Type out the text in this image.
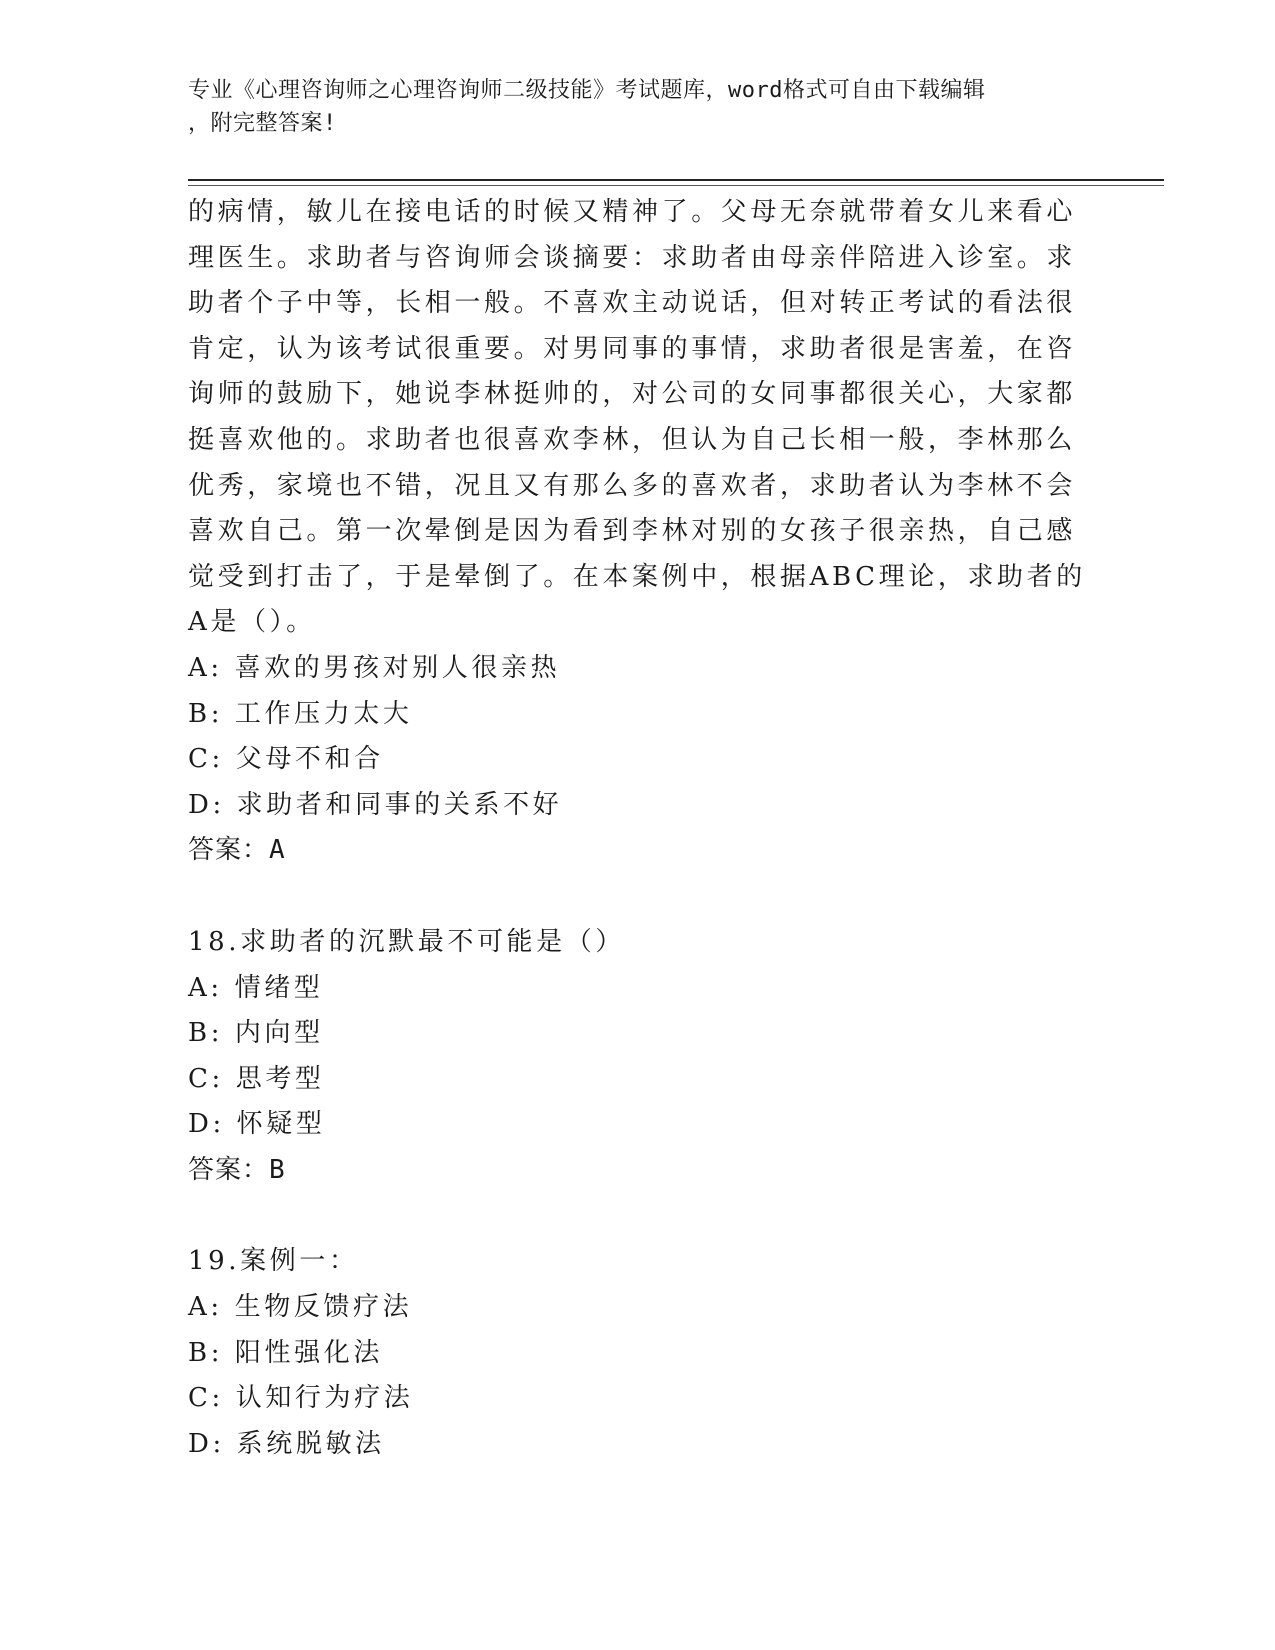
专业《心理咨询师之心理咨询师二级技能》考试题库，word格式可自由下载编辑
，附完整答案!
的病情，敏儿在接电话的时候又精神了。父母无奈就带着女儿来看心
理医生。求助者与咨询师会谈摘要：求助者由母亲伴陪进入诊室。求
助者个子中等，长相一般。不喜欢主动说话，但对转正考试的看法很
肯定，认为该考试很重要。对男同事的事情，求助者很是害羞，在咨
询师的鼓励下，她说李林挺帅的，对公司的女同事都很关心，大家都
挺喜欢他的。求助者也很喜欢李林，但认为自己长相一般，李林那么
优秀，家境也不错，况且又有那么多的喜欢者，求助者认为李林不会
喜欢自己。第一次晕倒是因为看到李林对别的女孩子很亲热，自己感
觉受到打击了，于是晕倒了。在本案例中，根据ABC理论，求助者的
A是（）。
A: 喜欢的男孩对别人很亲热
B: 工作压力太大
C: 父母不和合
D: 求助者和同事的关系不好
答案：A
18.求助者的沉默最不可能是（）
A: 情绪型
B: 内向型
C: 思考型
D: 怀疑型
答案：B
19.案例一：
A: 生物反馈疗法
B: 阳性强化法
C: 认知行为疗法
D: 系统脱敏法
